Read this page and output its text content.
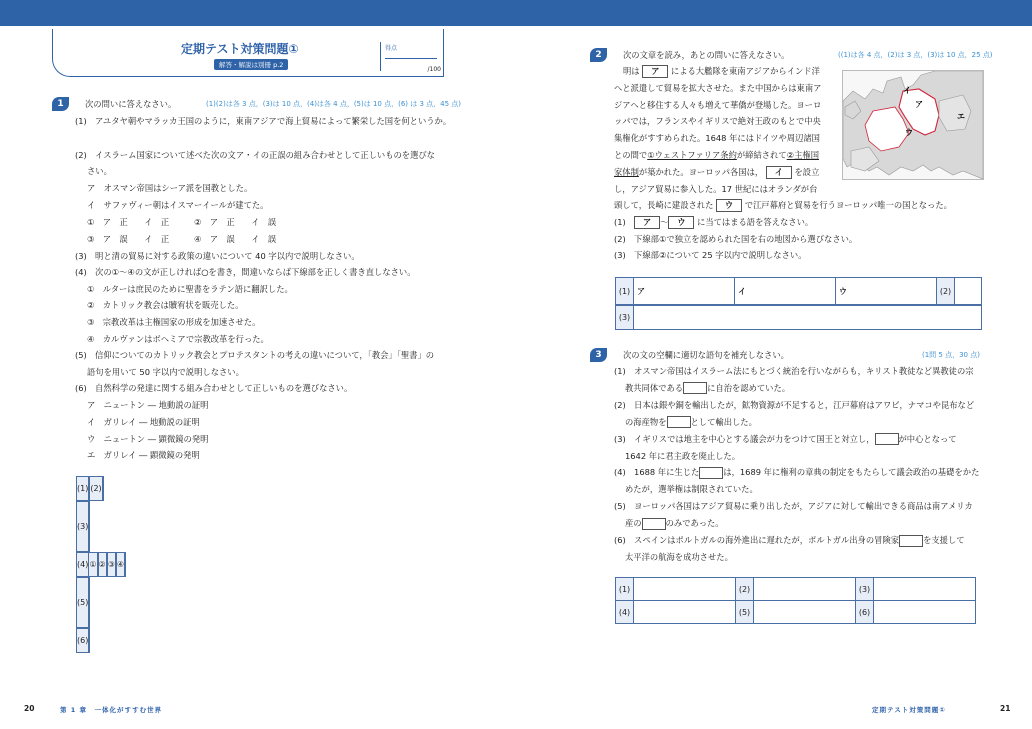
定期テスト対策問題①
解答・解説は別冊 p.2
得点
/100
1	次の問いに答えなさい。	(1)(2)は各 3 点，(3)は 10 点，(4)は各 4 点，(5)は 10 点，(6) は 3 点，45 点)
(1)　アユタヤ朝やマラッカ王国のように，東南アジアで海上貿易によって繁栄した国を何というか。
(2)　イスラーム国家について述べた次の文ア・イの正誤の組み合わせとして正しいものを選びな
さい。
ア　オスマン帝国はシーア派を国教とした。
イ　サファヴィー朝はイスマーイールが建てた。
①　ア　正　　イ　正　　　②　ア　正　　イ　誤
③　ア　誤　　イ　正　　　④　ア　誤　　イ　誤
(3)　明と清の貿易に対する政策の違いについて 40 字以内で説明しなさい。
(4)　次の①～④の文が正しければ○を書き，間違いならば下線部を正しく書き直しなさい。
①　ルターは庶民のために聖書をラテン語に翻訳した。
②　カトリック教会は贖宥状を販売した。
③　宗教改革は主権国家の形成を加速させた。
④　カルヴァンはボヘミアで宗教改革を行った。
(5)　信仰についてのカトリック教会とプロテスタントの考えの違いについて，「教会」「聖書」の
語句を用いて 50 字以内で説明しなさい。
(6)　自然科学の発達に関する組み合わせとして正しいものを選びなさい。
ア　ニュートン ― 地動説の証明
イ　ガリレイ ― 地動説の証明
ウ　ニュートン ― 顕微鏡の発明
エ　ガリレイ ― 顕微鏡の発明
(1)		(2)	
(3)	
(4)	①		②		③		④	
(5)	
(6)	
20	第 1 章　一体化がすすむ世界
2	次の文章を読み，あとの問いに答えなさい。	((1)は各 4 点，(2)は 3 点，(3)は 10 点，25 点)
明は ア による大艦隊を東南アジアからインド洋
へと派遣して貿易を拡大させた。また中国からは東南ア
ジアへと移住する人々も増えて華僑が登場した。ヨーロ
ッパでは，フランスやイギリスで絶対王政のもとで中央
集権化がすすめられた。1648 年にはドイツや周辺諸国
との間で①ウェストファリア条約が締結されて②主権国
家体制が築かれた。ヨーロッパ各国は， イ を設立
し，アジア貿易に参入した。17 世紀にはオランダが台
頭して，長崎に建設された ウ で江戸幕府と貿易を行うヨーロッパ唯一の国となった。
(1)　ア ～ ウ に当てはまる語を答えなさい。
(2)　下線部①で独立を認められた国を右の地図から選びなさい。
(3)　下線部②について 25 字以内で説明しなさい。
イ
ア
ウ
エ
(1)	ア	イ	ウ	(2)	
(3)	
3	次の文の空欄に適切な語句を補充しなさい。	(1問 5 点，30 点)
(1)　オスマン帝国はイスラーム法にもとづく統治を行いながらも，キリスト教徒など異教徒の宗
教共同体である	に自治を認めていた。
(2)　日本は銀や銅を輸出したが，鉱物資源が不足すると，江戸幕府はアワビ，ナマコや昆布など
の海産物を	として輸出した。
(3)　イギリスでは地主を中心とする議会が力をつけて国王と対立し，	が中心となって
1642 年に君主政を廃止した。
(4)　1688 年に生じた	は，1689 年に権利の章典の制定をもたらして議会政治の基礎をかた
めたが，選挙権は制限されていた。
(5)　ヨーロッパ各国はアジア貿易に乗り出したが，アジアに対して輸出できる商品は南アメリカ
産の	のみであった。
(6)　スペインはポルトガルの海外進出に遅れたが，ポルトガル出身の冒険家	を支援して
太平洋の航海を成功させた。
(1)		(2)		(3)	
(4)		(5)		(6)	
定期テスト対策問題①	21
